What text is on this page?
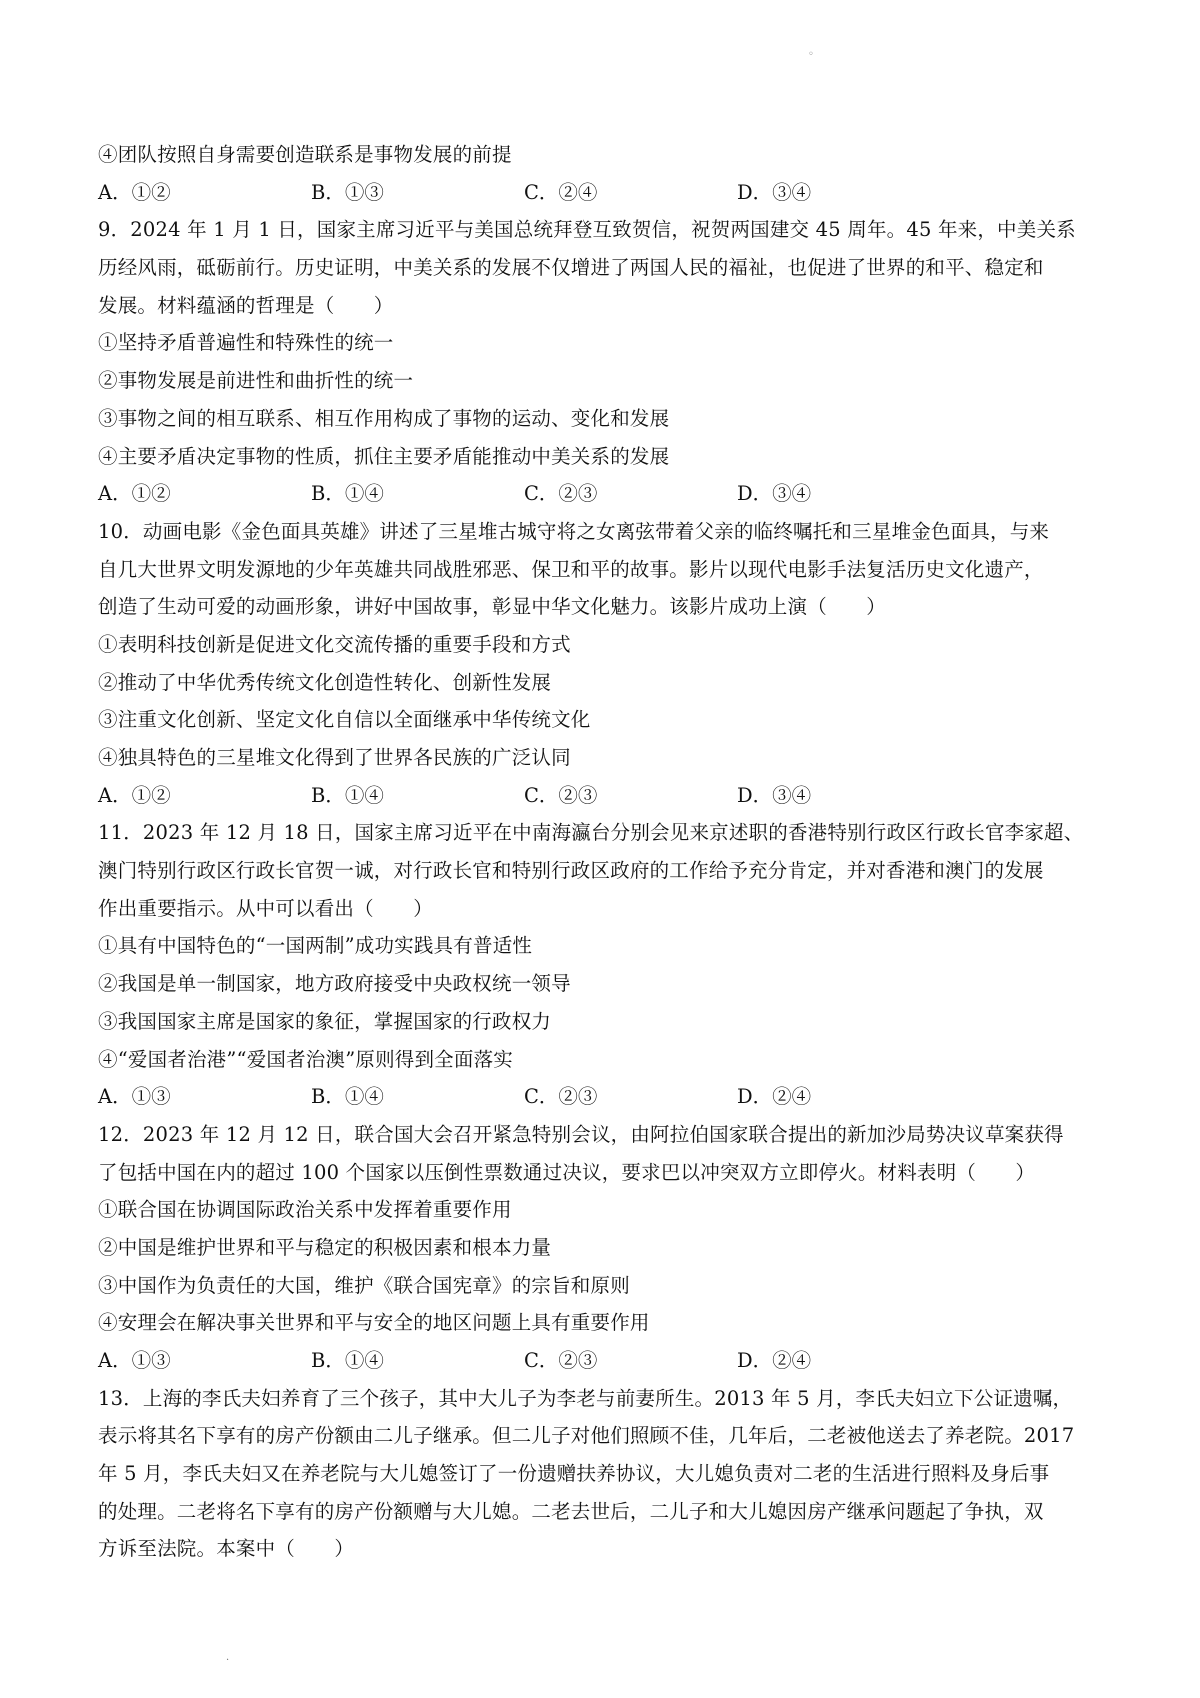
◦
④团队按照自身需要创造联系是事物发展的前提
A．①②	B．①③	C．②④	D．③④
9．2024 年 1 月 1 日，国家主席习近平与美国总统拜登互致贺信，祝贺两国建交 45 周年。45 年来，中美关系
历经风雨，砥砺前行。历史证明，中美关系的发展不仅增进了两国人民的福祉，也促进了世界的和平、稳定和
发展。材料蕴涵的哲理是（　　）
①坚持矛盾普遍性和特殊性的统一
②事物发展是前进性和曲折性的统一
③事物之间的相互联系、相互作用构成了事物的运动、变化和发展
④主要矛盾决定事物的性质，抓住主要矛盾能推动中美关系的发展
A．①②	B．①④	C．②③	D．③④
10．动画电影《金色面具英雄》讲述了三星堆古城守将之女离弦带着父亲的临终嘱托和三星堆金色面具，与来
自几大世界文明发源地的少年英雄共同战胜邪恶、保卫和平的故事。影片以现代电影手法复活历史文化遗产，
创造了生动可爱的动画形象，讲好中国故事，彰显中华文化魅力。该影片成功上演（　　）
①表明科技创新是促进文化交流传播的重要手段和方式
②推动了中华优秀传统文化创造性转化、创新性发展
③注重文化创新、坚定文化自信以全面继承中华传统文化
④独具特色的三星堆文化得到了世界各民族的广泛认同
A．①②	B．①④	C．②③	D．③④
11．2023 年 12 月 18 日，国家主席习近平在中南海瀛台分别会见来京述职的香港特别行政区行政长官李家超、
澳门特别行政区行政长官贺一诚，对行政长官和特别行政区政府的工作给予充分肯定，并对香港和澳门的发展
作出重要指示。从中可以看出（　　）
①具有中国特色的“一国两制”成功实践具有普适性
②我国是单一制国家，地方政府接受中央政权统一领导
③我国国家主席是国家的象征，掌握国家的行政权力
④“爱国者治港”“爱国者治澳”原则得到全面落实
A．①③	B．①④	C．②③	D．②④
12．2023 年 12 月 12 日，联合国大会召开紧急特别会议，由阿拉伯国家联合提出的新加沙局势决议草案获得
了包括中国在内的超过 100 个国家以压倒性票数通过决议，要求巴以冲突双方立即停火。材料表明（　　）
①联合国在协调国际政治关系中发挥着重要作用
②中国是维护世界和平与稳定的积极因素和根本力量
③中国作为负责任的大国，维护《联合国宪章》的宗旨和原则
④安理会在解决事关世界和平与安全的地区问题上具有重要作用
A．①③	B．①④	C．②③	D．②④
13．上海的李氏夫妇养育了三个孩子，其中大儿子为李老与前妻所生。2013 年 5 月，李氏夫妇立下公证遗嘱，
表示将其名下享有的房产份额由二儿子继承。但二儿子对他们照顾不佳，几年后，二老被他送去了养老院。2017
年 5 月，李氏夫妇又在养老院与大儿媳签订了一份遗赠扶养协议，大儿媳负责对二老的生活进行照料及身后事
的处理。二老将名下享有的房产份额赠与大儿媳。二老去世后，二儿子和大儿媳因房产继承问题起了争执，双
方诉至法院。本案中（　　）
·
